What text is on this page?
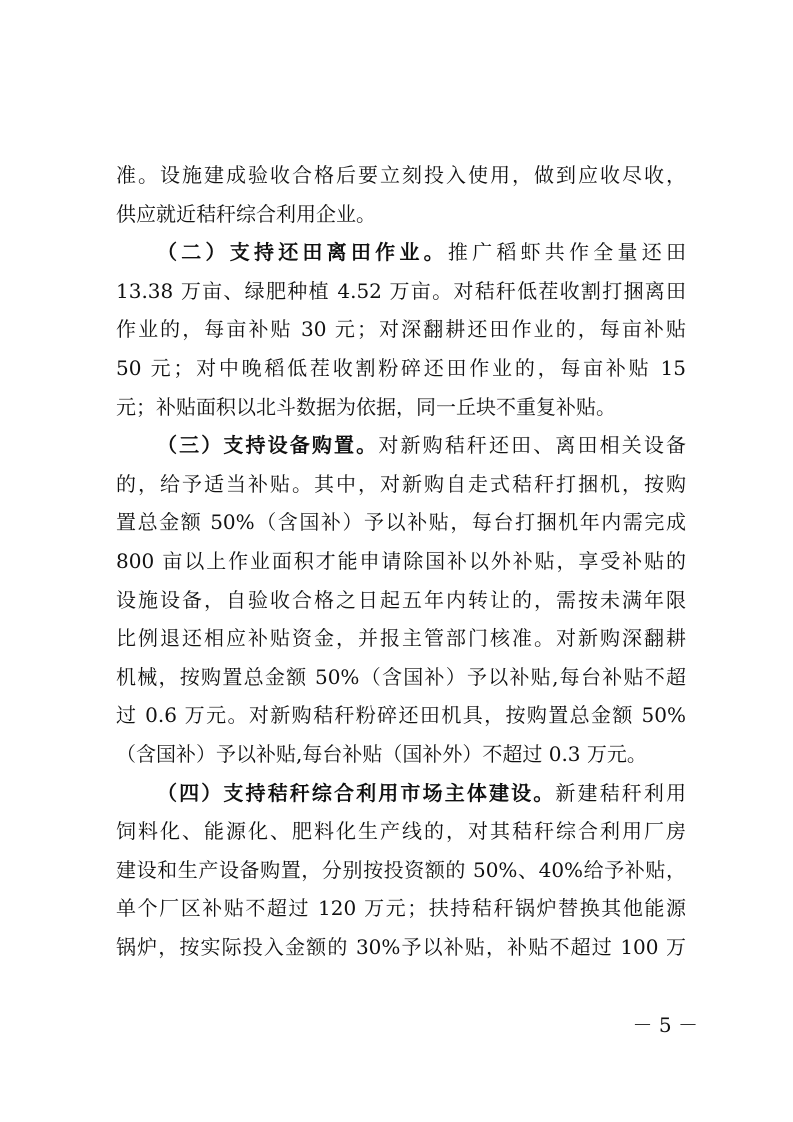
准。设施建成验收合格后要立刻投入使用，做到应收尽收，
供应就近秸秆综合利用企业。
（二）支持还田离田作业。推广稻虾共作全量还田
13.38 万亩、绿肥种植 4.52 万亩。对秸秆低茬收割打捆离田
作业的，每亩补贴 30 元；对深翻耕还田作业的，每亩补贴
50 元；对中晚稻低茬收割粉碎还田作业的，每亩补贴 15
元；补贴面积以北斗数据为依据，同一丘块不重复补贴。
（三）支持设备购置。对新购秸秆还田、离田相关设备
的，给予适当补贴。其中，对新购自走式秸秆打捆机，按购
置总金额 50%（含国补）予以补贴，每台打捆机年内需完成
800 亩以上作业面积才能申请除国补以外补贴，享受补贴的
设施设备，自验收合格之日起五年内转让的，需按未满年限
比例退还相应补贴资金，并报主管部门核准。对新购深翻耕
机械，按购置总金额 50%（含国补）予以补贴,每台补贴不超
过 0.6 万元。对新购秸秆粉碎还田机具，按购置总金额 50%
（含国补）予以补贴,每台补贴（国补外）不超过 0.3 万元。
（四）支持秸秆综合利用市场主体建设。新建秸秆利用
饲料化、能源化、肥料化生产线的，对其秸秆综合利用厂房
建设和生产设备购置，分别按投资额的 50%、40%给予补贴，
单个厂区补贴不超过 120 万元；扶持秸秆锅炉替换其他能源
锅炉，按实际投入金额的 30%予以补贴，补贴不超过 100 万
－ 5 －
